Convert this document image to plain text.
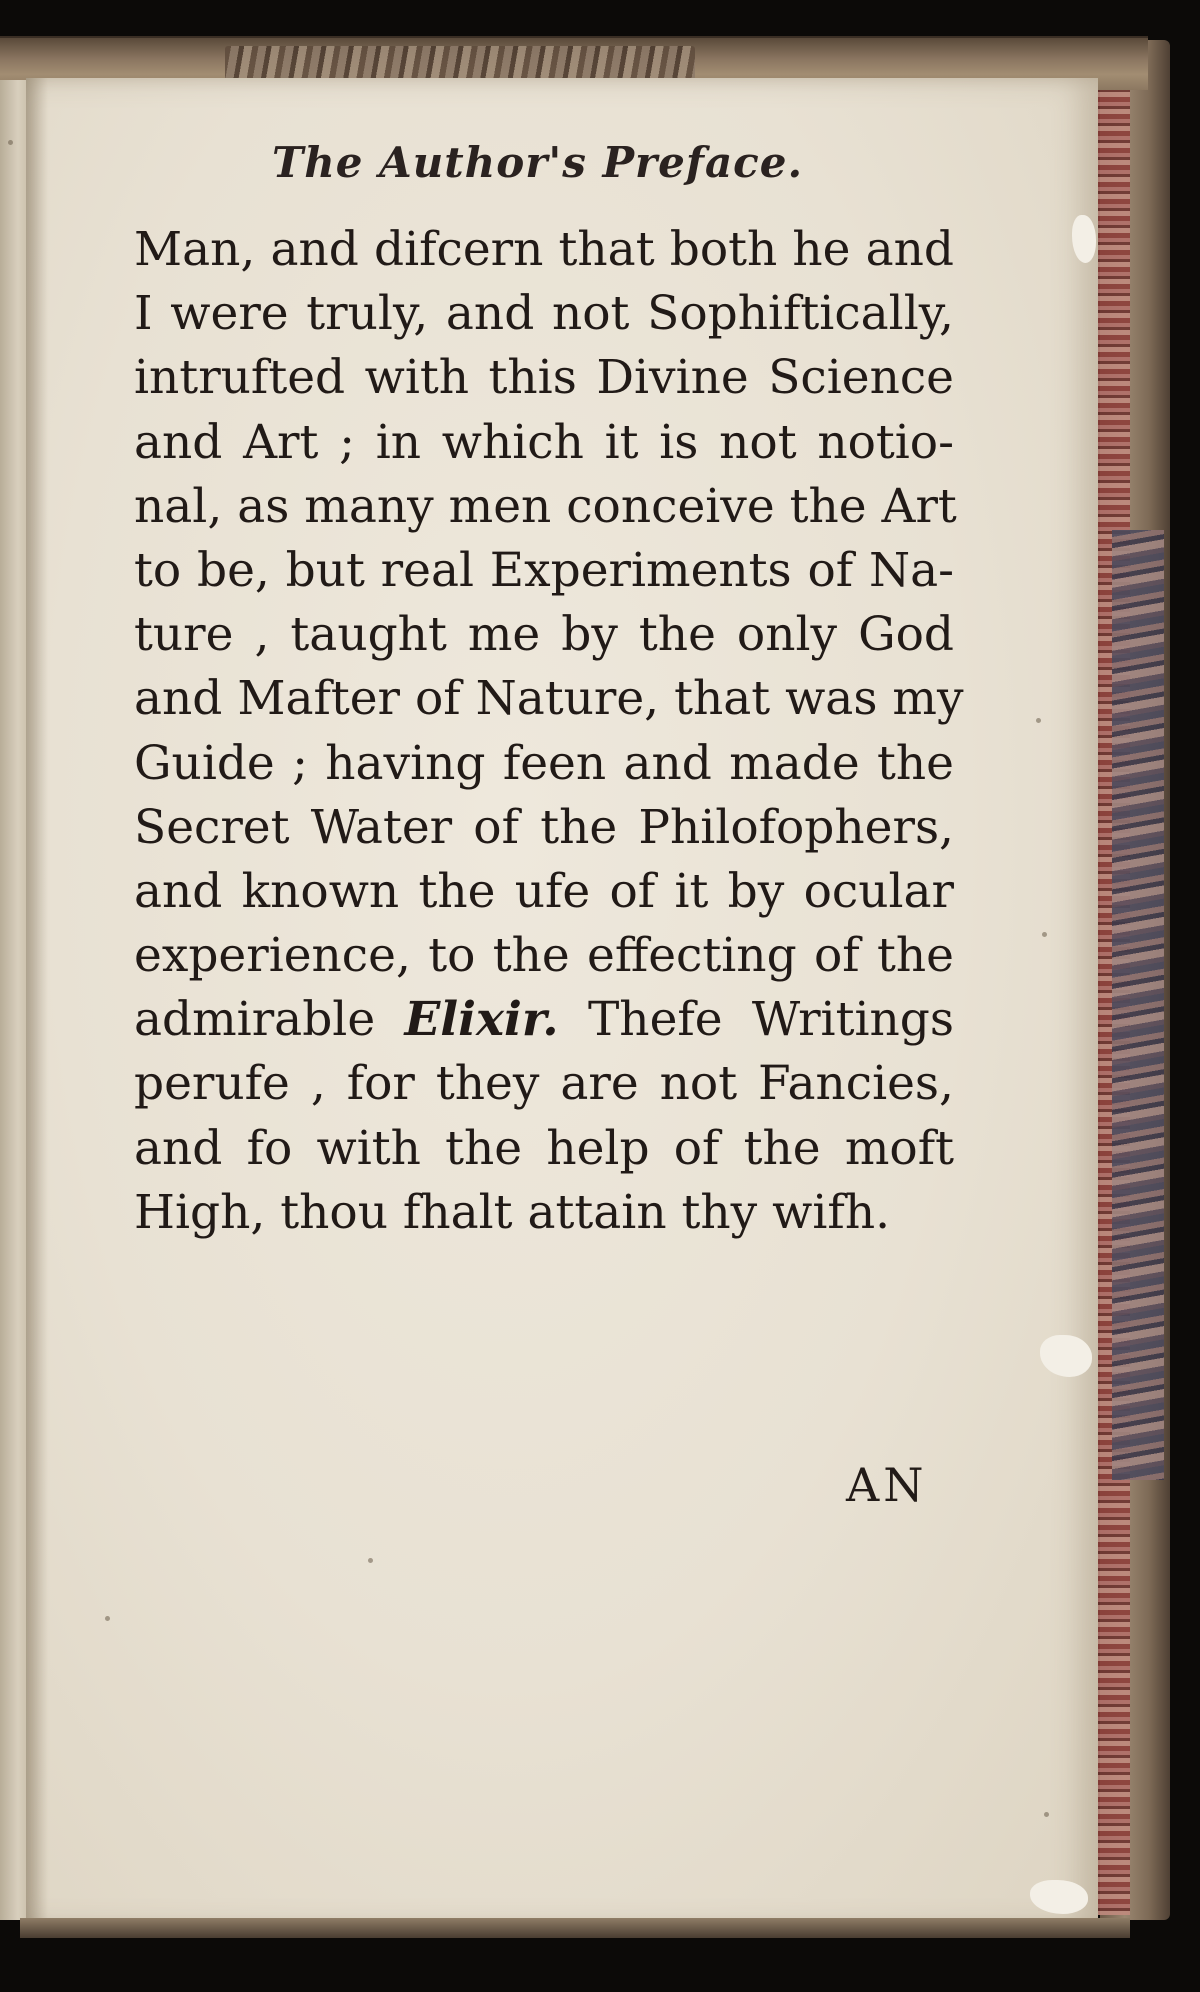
The Author's Preface.
Man, and difcern that both he and
I were truly, and not Sophiftically,
intrufted with this Divine Science
and Art ; in which it is not notio-
nal, as many men conceive the Art
to be, but real Experiments of Na-
ture , taught me by the only God
and Mafter of Nature, that was my
Guide ; having feen and made the
Secret Water of the Philofophers,
and known the ufe of it by ocular
experience, to the effecting of the
admirable Elixir. Thefe Writings
perufe , for they are not Fancies,
and fo with the help of the moft
High, thou fhalt attain thy wifh.
AN
